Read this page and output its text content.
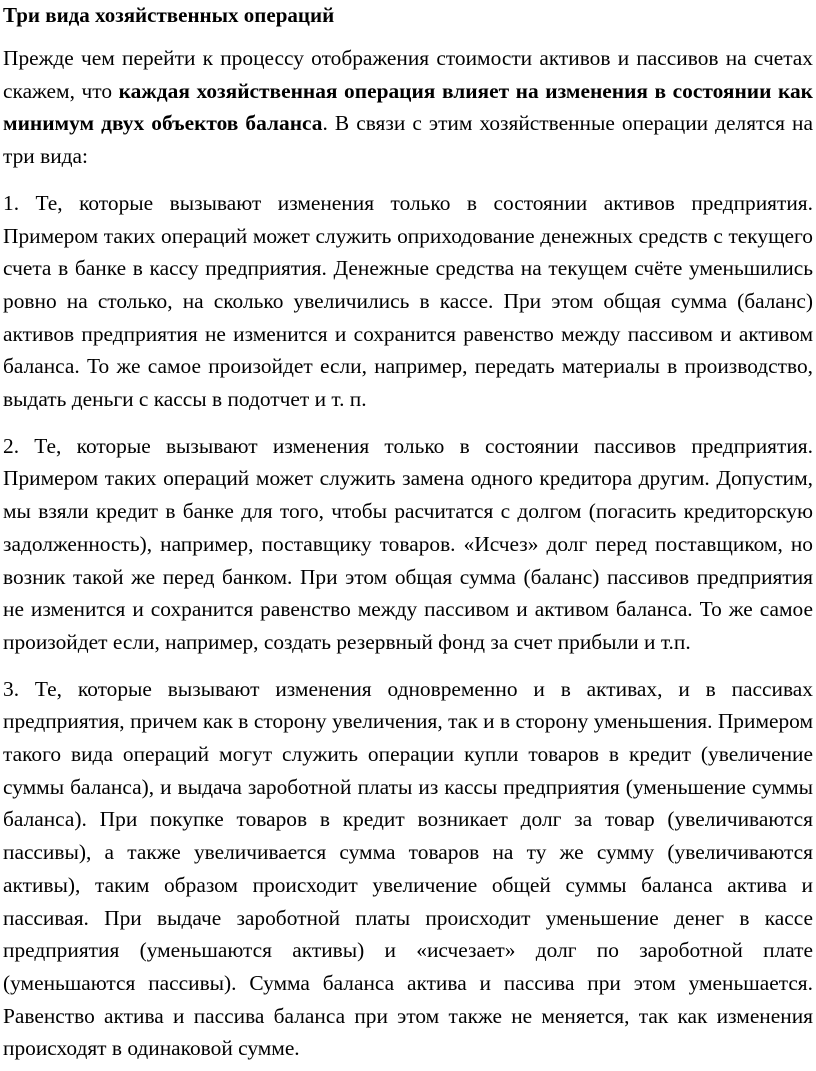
Три вида хозяйственных операций

Прежде чем перейти к процессу отображения стоимости активов и пассивов на счетах скажем, что каждая хозяйственная операция влияет на изменения в состоянии как минимум двух объектов баланса. В связи с этим хозяйственные операции делятся на три вида:

1. Те, которые вызывают изменения только в состоянии активов предприятия. Примером таких операций может служить оприходование денежных средств с текущего счета в банке в кассу предприятия. Денежные средства на текущем счёте уменьшились ровно на столько, на сколько увеличились в кассе. При этом общая сумма (баланс) активов предприятия не изменится и сохранится равенство между пассивом и активом баланса. То же самое произойдет если, например, передать материалы в производство, выдать деньги с кассы в подотчет и т. п.

2. Те, которые вызывают изменения только в состоянии пассивов предприятия. Примером таких операций может служить замена одного кредитора другим. Допустим, мы взяли кредит в банке для того, чтобы расчитатся с долгом (погасить кредиторскую задолженность), например, поставщику товаров. «Исчез» долг перед поставщиком, но возник такой же перед банком. При этом общая сумма (баланс) пассивов предприятия не изменится и сохранится равенство между пассивом и активом баланса. То же самое произойдет если, например, создать резервный фонд за счет прибыли и т.п.

3. Те, которые вызывают изменения одновременно и в активах, и в пассивах предприятия, причем как в сторону увеличения, так и в сторону уменьшения. Примером такого вида операций могут служить операции купли товаров в кредит (увеличение суммы баланса), и выдача зароботной платы из кассы предприятия (уменьшение суммы баланса). При покупке товаров в кредит возникает долг за товар (увеличиваются пассивы), а также увеличивается сумма товаров на ту же сумму (увеличиваются активы), таким образом происходит увеличение общей суммы баланса актива и пассивая. При выдаче зароботной платы происходит уменьшение денег в кассе предприятия (уменьшаются активы) и «исчезает» долг по зароботной плате (уменьшаются пассивы). Сумма баланса актива и пассива при этом уменьшается. Равенство актива и пассива баланса при этом также не меняется, так как изменения происходят в одинаковой сумме.
